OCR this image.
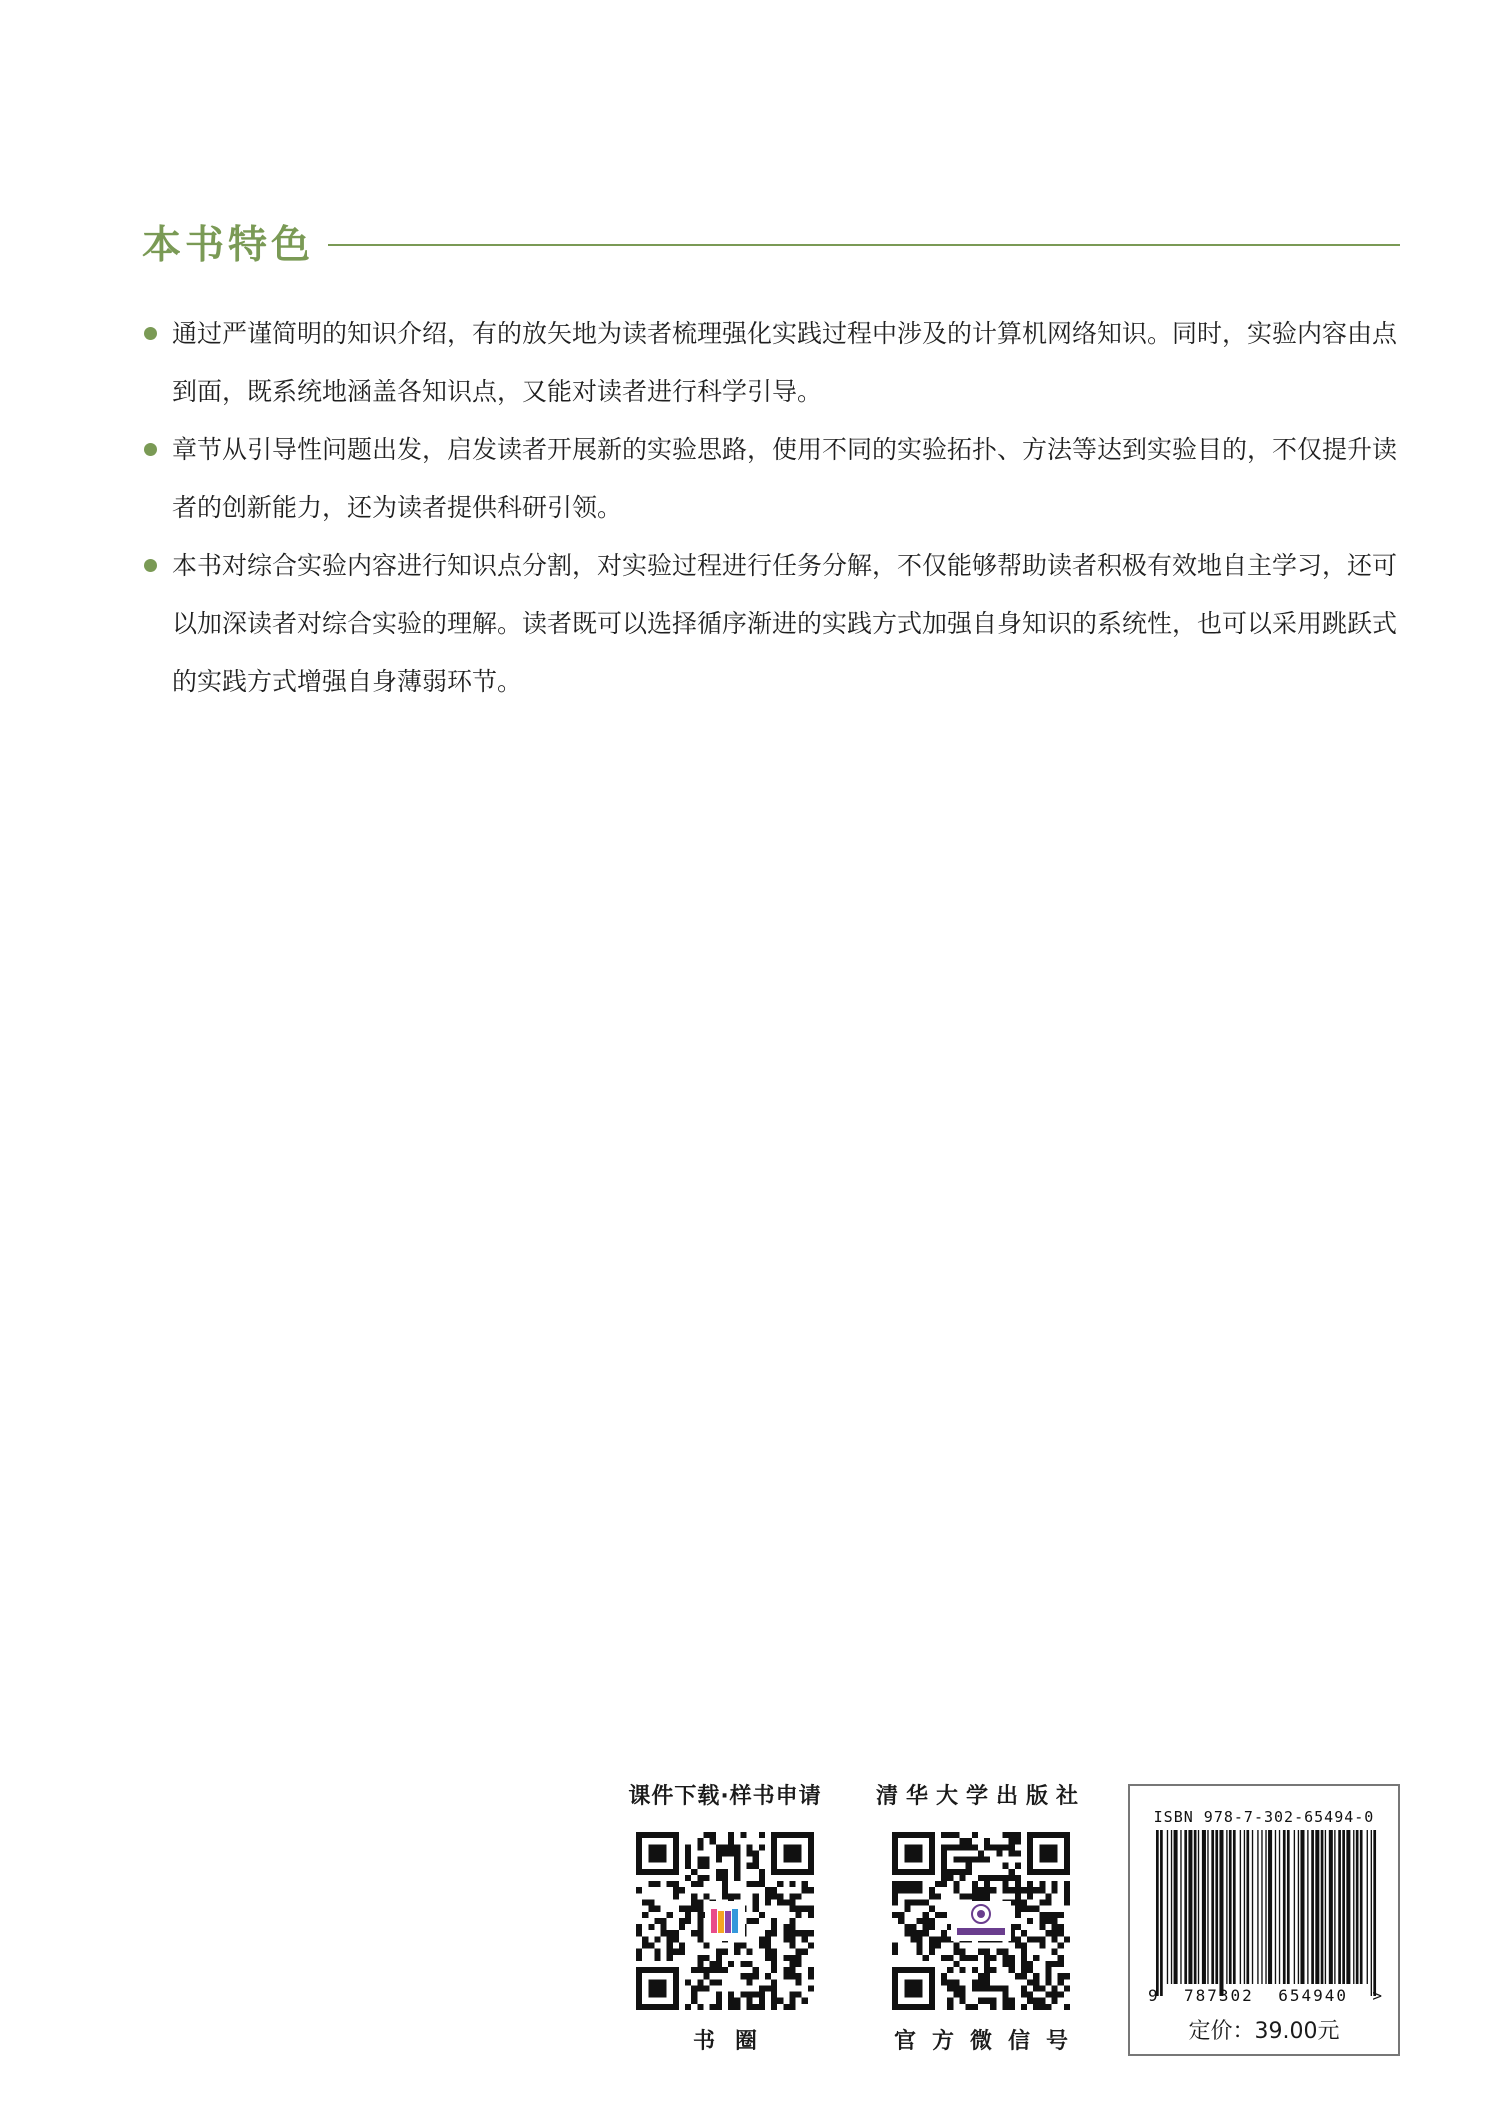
本书特色
通过严谨简明的知识介绍，有的放矢地为读者梳理强化实践过程中涉及的计算机网络知识。同时，实验内容由点到面，既系统地涵盖各知识点，又能对读者进行科学引导。
章节从引导性问题出发，启发读者开展新的实验思路，使用不同的实验拓扑、方法等达到实验目的，不仅提升读者的创新能力，还为读者提供科研引领。
本书对综合实验内容进行知识点分割，对实验过程进行任务分解，不仅能够帮助读者积极有效地自主学习，还可以加深读者对综合实验的理解。读者既可以选择循序渐进的实践方式加强自身知识的系统性，也可以采用跳跃式的实践方式增强自身薄弱环节。
课件下载·样书申请
书圈
清华大学出版社
官方微信号
ISBN 978-7-302-65494-0
9 787302 654940 >
定价：39.00元
